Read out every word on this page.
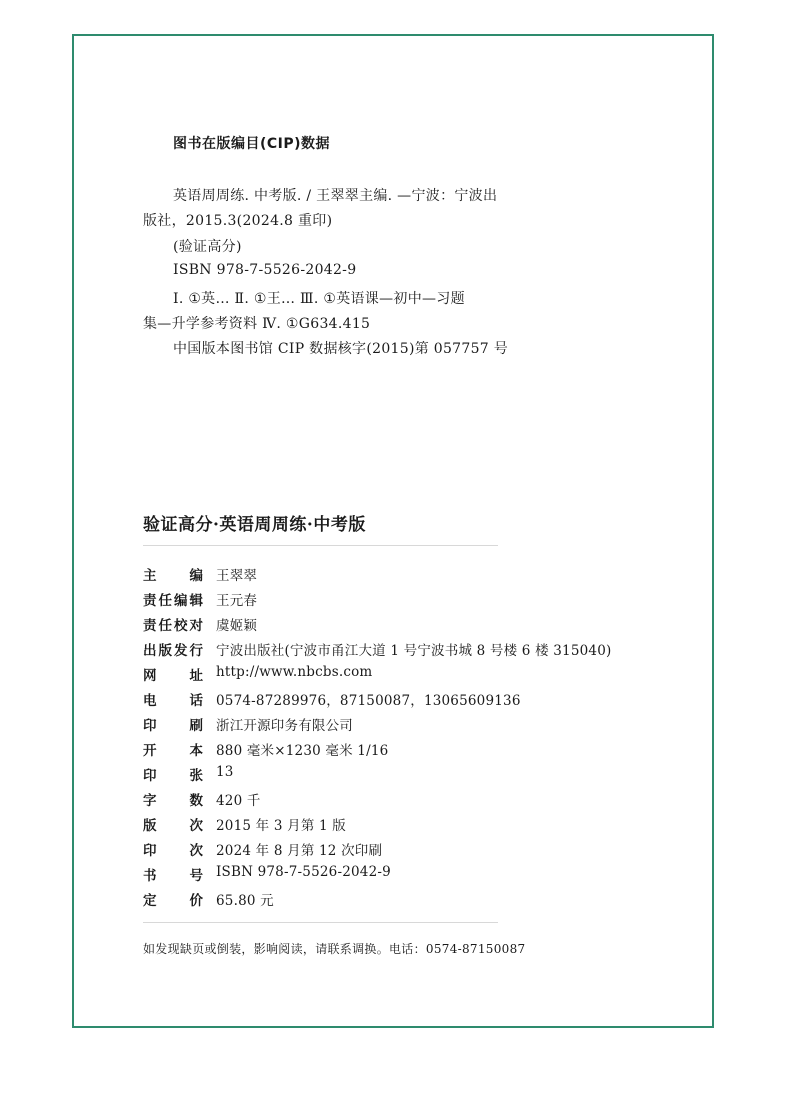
图书在版编目(CIP)数据
英语周周练. 中考版. / 王翠翠主编. —宁波：宁波出
版社，2015.3(2024.8 重印)
(验证高分)
ISBN 978-7-5526-2042-9
Ⅰ. ①英… Ⅱ. ①王… Ⅲ. ①英语课—初中—习题
集—升学参考资料 Ⅳ. ①G634.415
中国版本图书馆 CIP 数据核字(2015)第 057757 号
验证高分·英语周周练·中考版
主 编 王翠翠
责 任 编 辑 王元春
责 任 校 对 虞姬颖
出 版 发 行 宁波出版社(宁波市甬江大道 1 号宁波书城 8 号楼 6 楼 315040)
网 址 http://www.nbcbs.com
电 话 0574-87289976，87150087，13065609136
印 刷 浙江开源印务有限公司
开 本 880 毫米×1230 毫米 1/16
印 张 13
字 数 420 千
版 次 2015 年 3 月第 1 版
印 次 2024 年 8 月第 12 次印刷
书 号 ISBN 978-7-5526-2042-9
定 价 65.80 元
如发现缺页或倒装，影响阅读，请联系调换。电话：0574-87150087
